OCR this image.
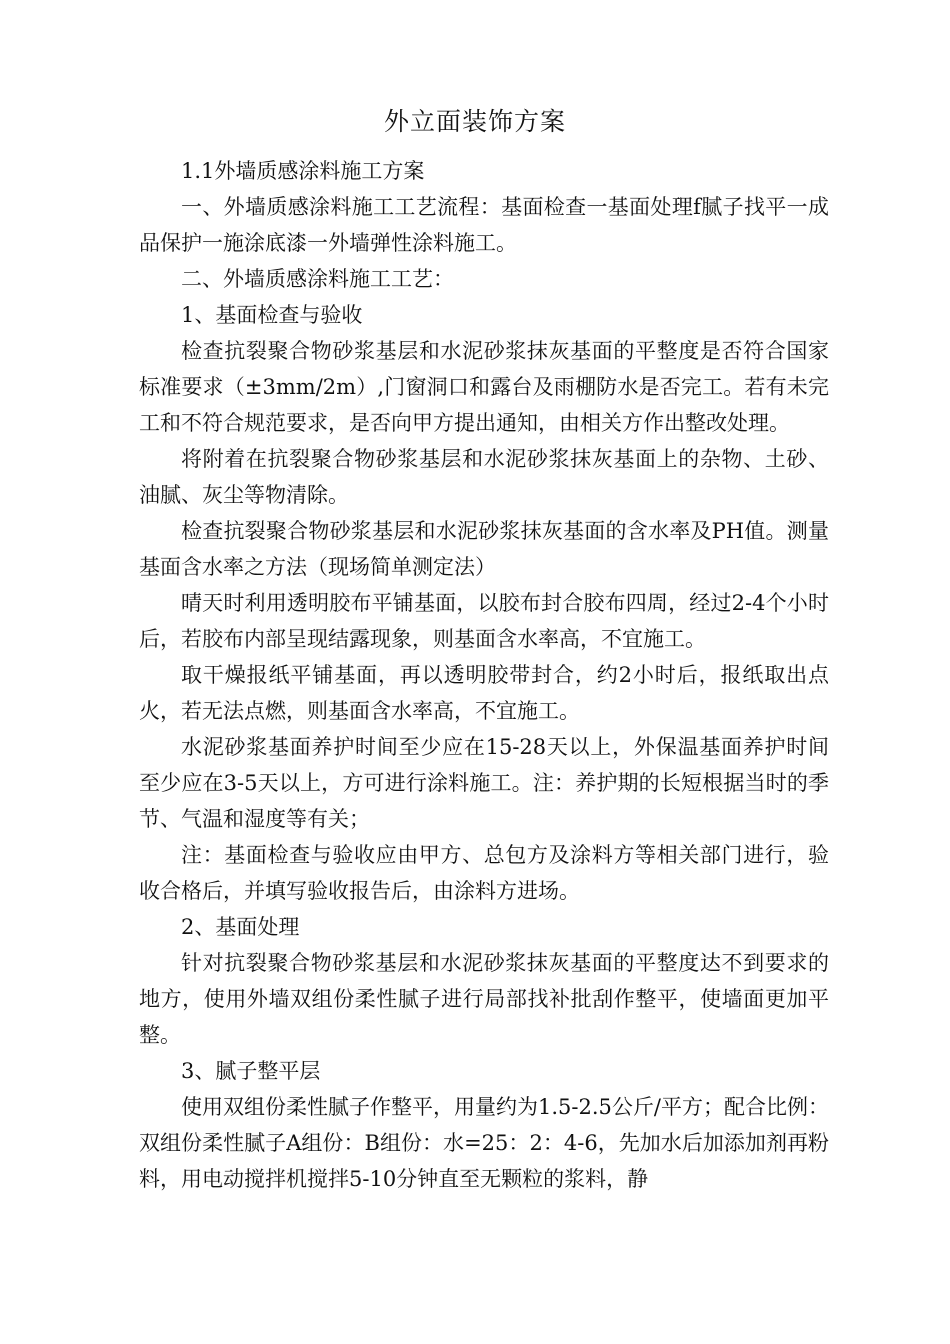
外立面装饰方案

1.1外墙质感涂料施工方案

一、外墙质感涂料施工工艺流程：基面检查一基面处理f腻子找平一成品保护一施涂底漆一外墙弹性涂料施工。

二、外墙质感涂料施工工艺：

1、基面检查与验收

检查抗裂聚合物砂浆基层和水泥砂浆抹灰基面的平整度是否符合国家标准要求（±3mm/2m）,门窗洞口和露台及雨棚防水是否完工。若有未完工和不符合规范要求，是否向甲方提出通知，由相关方作出整改处理。

将附着在抗裂聚合物砂浆基层和水泥砂浆抹灰基面上的杂物、土砂、油腻、灰尘等物清除。

检查抗裂聚合物砂浆基层和水泥砂浆抹灰基面的含水率及PH值。测量基面含水率之方法（现场简单测定法）

晴天时利用透明胶布平铺基面，以胶布封合胶布四周，经过2-4个小时后，若胶布内部呈现结露现象，则基面含水率高，不宜施工。

取干燥报纸平铺基面，再以透明胶带封合，约2小时后，报纸取出点火，若无法点燃，则基面含水率高，不宜施工。

水泥砂浆基面养护时间至少应在15-28天以上，外保温基面养护时间至少应在3-5天以上，方可进行涂料施工。注：养护期的长短根据当时的季节、气温和湿度等有关；

注：基面检查与验收应由甲方、总包方及涂料方等相关部门进行，验收合格后，并填写验收报告后，由涂料方进场。

2、基面处理

针对抗裂聚合物砂浆基层和水泥砂浆抹灰基面的平整度达不到要求的地方，使用外墙双组份柔性腻子进行局部找补批刮作整平，使墙面更加平整。

3、腻子整平层

使用双组份柔性腻子作整平，用量约为1.5-2.5公斤/平方；配合比例：双组份柔性腻子A组份：B组份：水=25：2：4-6，先加水后加添加剂再粉料，用电动搅拌机搅拌5-10分钟直至无颗粒的浆料，静
